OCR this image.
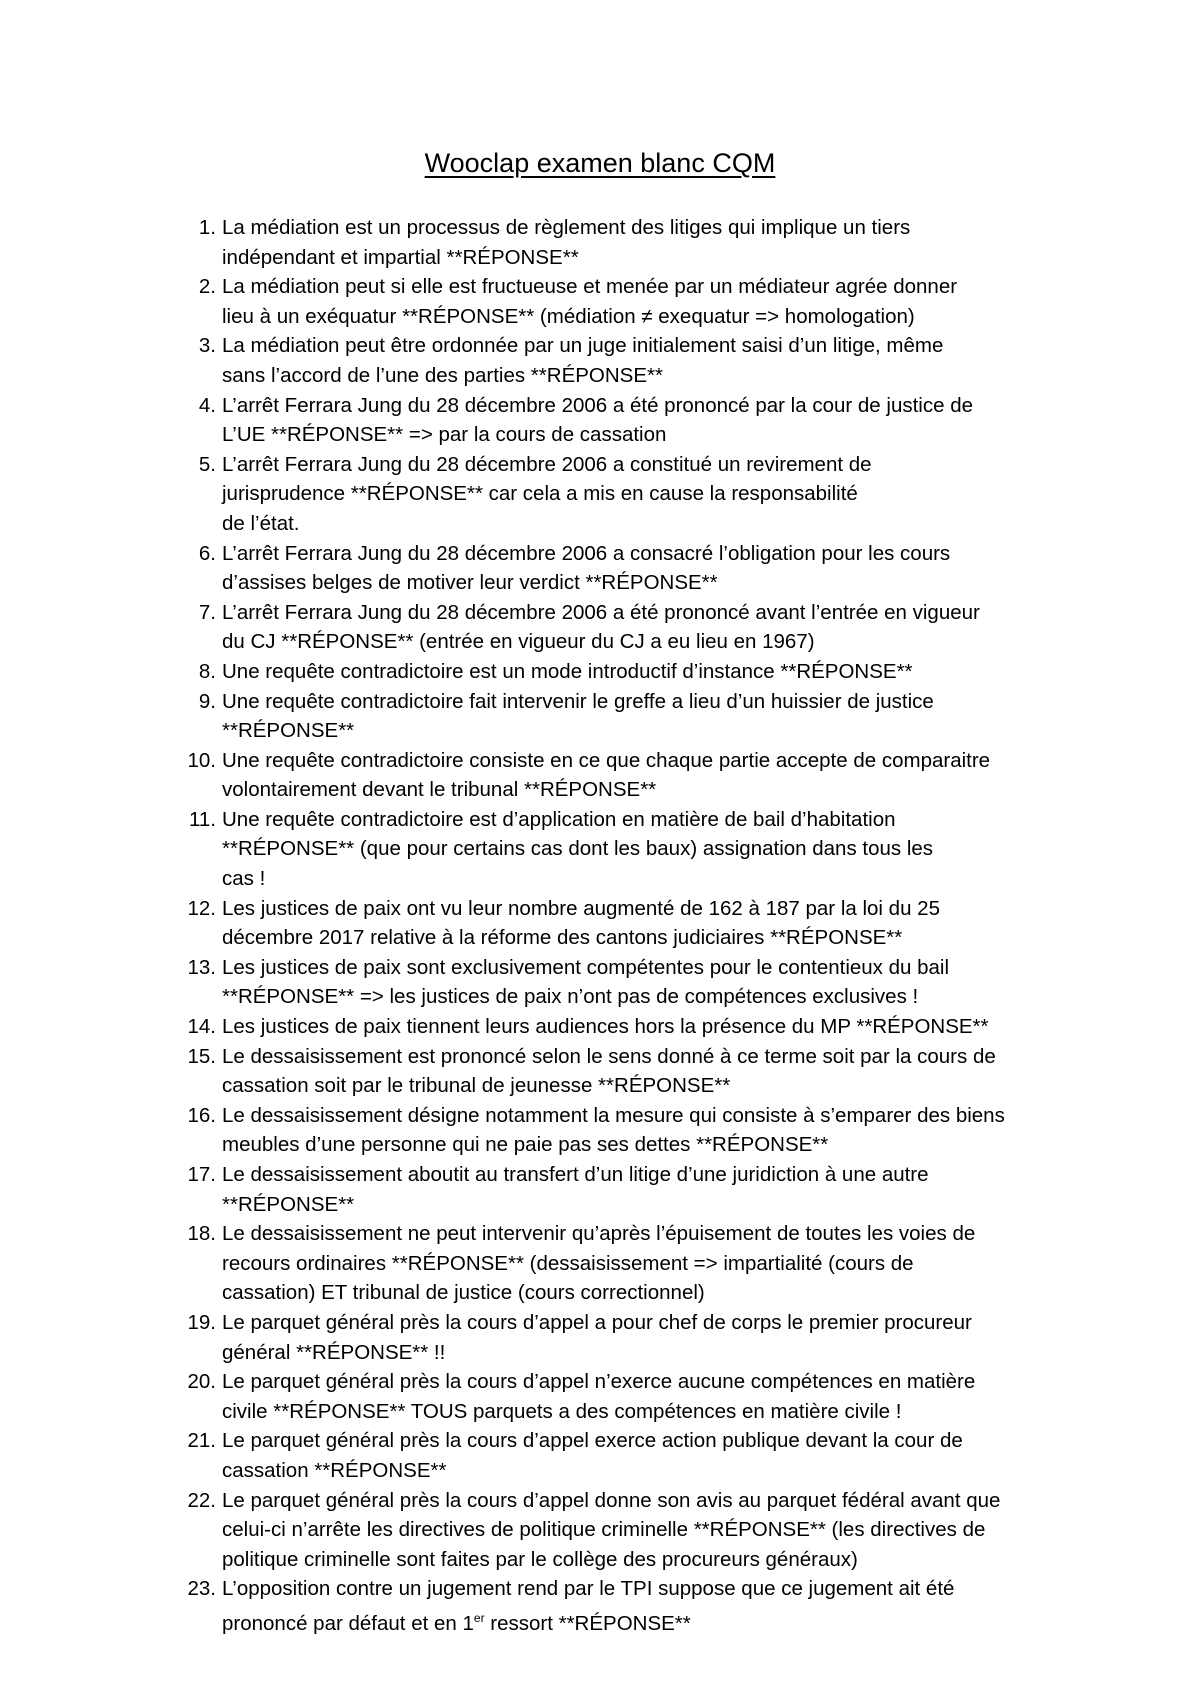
Wooclap examen blanc CQM
1. La médiation est un processus de règlement des litiges qui implique un tiers
indépendant et impartial **RÉPONSE**
2. La médiation peut si elle est fructueuse et menée par un médiateur agrée donner
lieu à un exéquatur **RÉPONSE** (médiation ≠ exequatur => homologation)
3. La médiation peut être ordonnée par un juge initialement saisi d’un litige, même
sans l’accord de l’une des parties **RÉPONSE**
4. L’arrêt Ferrara Jung du 28 décembre 2006 a été prononcé par la cour de justice de
L’UE **RÉPONSE** => par la cours de cassation
5. L’arrêt Ferrara Jung du 28 décembre 2006 a constitué un revirement de
jurisprudence **RÉPONSE** car cela a mis en cause la responsabilité
de l’état.
6. L’arrêt Ferrara Jung du 28 décembre 2006 a consacré l’obligation pour les cours
d’assises belges de motiver leur verdict **RÉPONSE**
7. L’arrêt Ferrara Jung du 28 décembre 2006 a été prononcé avant l’entrée en vigueur
du CJ **RÉPONSE** (entrée en vigueur du CJ a eu lieu en 1967)
8. Une requête contradictoire est un mode introductif d’instance **RÉPONSE**
9. Une requête contradictoire fait intervenir le greffe a lieu d’un huissier de justice
**RÉPONSE**
10. Une requête contradictoire consiste en ce que chaque partie accepte de comparaitre
volontairement devant le tribunal **RÉPONSE**
11. Une requête contradictoire est d’application en matière de bail d’habitation
**RÉPONSE** (que pour certains cas dont les baux) assignation dans tous les
cas !
12. Les justices de paix ont vu leur nombre augmenté de 162 à 187 par la loi du 25
décembre 2017 relative à la réforme des cantons judiciaires **RÉPONSE**
13. Les justices de paix sont exclusivement compétentes pour le contentieux du bail
**RÉPONSE** => les justices de paix n’ont pas de compétences exclusives !
14. Les justices de paix tiennent leurs audiences hors la présence du MP **RÉPONSE**
15. Le dessaisissement est prononcé selon le sens donné à ce terme soit par la cours de
cassation soit par le tribunal de jeunesse **RÉPONSE**
16. Le dessaisissement désigne notamment la mesure qui consiste à s’emparer des biens
meubles d’une personne qui ne paie pas ses dettes **RÉPONSE**
17. Le dessaisissement aboutit au transfert d’un litige d’une juridiction à une autre
**RÉPONSE**
18. Le dessaisissement ne peut intervenir qu’après l’épuisement de toutes les voies de
recours ordinaires **RÉPONSE** (dessaisissement => impartialité (cours de
cassation) ET tribunal de justice (cours correctionnel)
19. Le parquet général près la cours d’appel a pour chef de corps le premier procureur
général **RÉPONSE** !!
20. Le parquet général près la cours d’appel n’exerce aucune compétences en matière
civile **RÉPONSE** TOUS parquets a des compétences en matière civile !
21. Le parquet général près la cours d’appel exerce action publique devant la cour de
cassation **RÉPONSE**
22. Le parquet général près la cours d’appel donne son avis au parquet fédéral avant que
celui-ci n’arrête les directives de politique criminelle **RÉPONSE** (les directives de
politique criminelle sont faites par le collège des procureurs généraux)
23. L’opposition contre un jugement rend par le TPI suppose que ce jugement ait été
prononcé par défaut et en 1er ressort **RÉPONSE**
